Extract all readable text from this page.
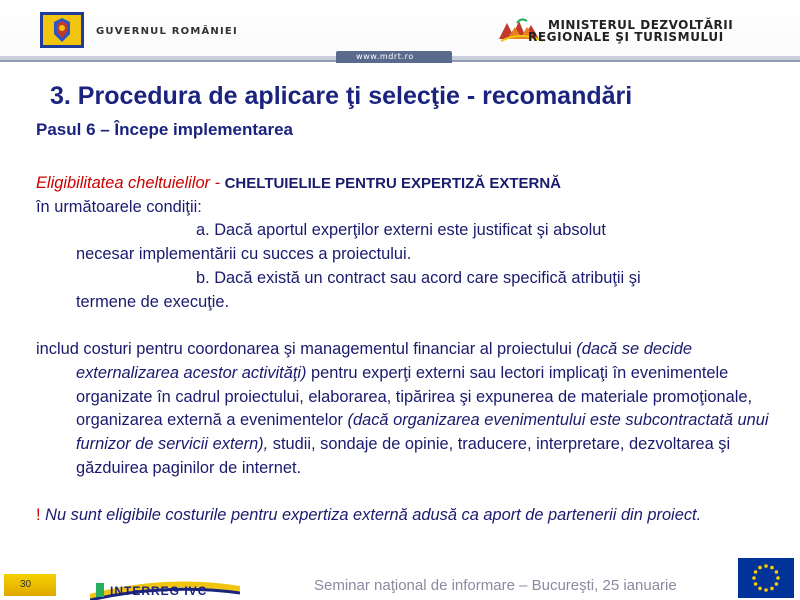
GUVERNUL ROMÂNIEI	MINISTERUL DEZVOLTĂRII
REGIONALE ŞI TURISMULUI
www.mdrt.ro
3. Procedura de aplicare ţi selecţie - recomandări
Pasul 6 – Începe implementarea

Eligibilitatea cheltuielilor - CHELTUIELILE PENTRU EXPERTIZĂ EXTERNĂ

în următoarele condiţii:

a. Dacă aportul experţilor externi este justificat şi absolut

necesar implementării cu succes a proiectului.

b. Dacă există un contract sau acord care specifică atribuţii şi

termene de execuţie.

includ costuri pentru coordonarea şi managementul financiar al proiectului (dacă se decide externalizarea acestor activităţi) pentru experţi externi sau lectori implicaţi în evenimentele organizate în cadrul proiectului, elaborarea, tipărirea şi expunerea de materiale promoţionale, organizarea externă a evenimentelor (dacă organizarea evenimentului este subcontractată unui furnizor de servicii extern), studii, sondaje de opinie, traducere, interpretare, dezvoltarea şi găzduirea paginilor de internet.

! Nu sunt eligibile costurile pentru expertiza externă adusă ca aport de partenerii din proiect.

30	INTERREG IVC	Seminar naţional de informare – Bucureşti, 25 ianuarie
